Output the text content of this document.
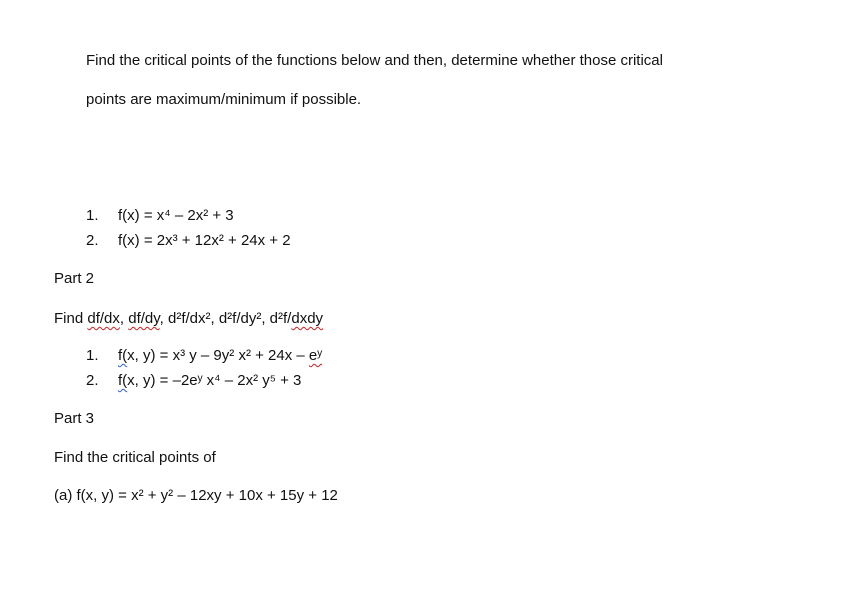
Find the critical points of the functions below and then, determine whether those critical
points are maximum/minimum if possible.
1. f(x) = x⁴ – 2x² + 3
2. f(x) = 2x³ + 12x² + 24x + 2
Part 2
Find df/dx, df/dy, d²f/dx², d²f/dy², d²f/dxdy
1. f(x, y) = x³ y – 9y² x² + 24x – eʸ
2. f(x, y) = –2eʸ x⁴ – 2x² y⁵ + 3
Part 3
Find the critical points of
(a) f(x, y) = x² + y² – 12xy + 10x + 15y + 12
